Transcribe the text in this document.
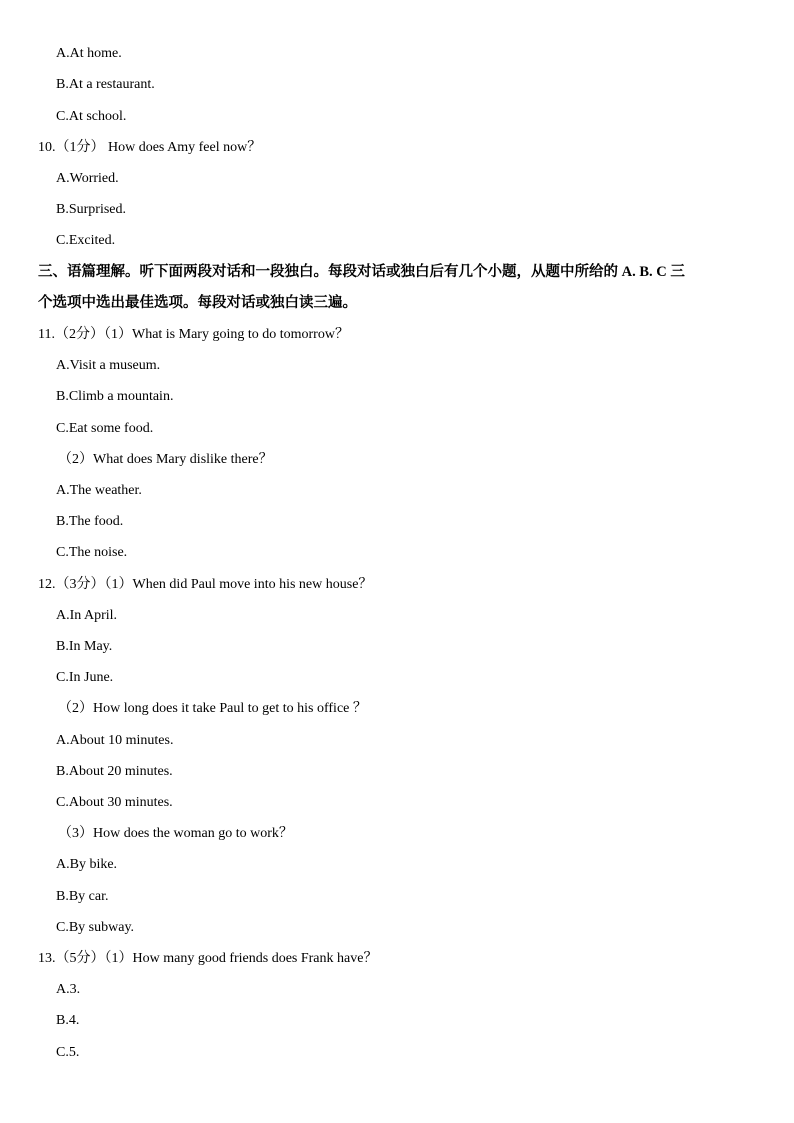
A.At home.
B.At a restaurant.
C.At school.
10.（1分） How does Amy feel now？
A.Worried.
B.Surprised.
C.Excited.
三、语篇理解。听下面两段对话和一段独白。每段对话或独白后有几个小题，从题中所给的 A. B. C 三
个选项中选出最佳选项。每段对话或独白读三遍。
11.（2分）（1）What is Mary going to do tomorrow？
A.Visit a museum.
B.Climb a mountain.
C.Eat some food.
（2）What does Mary dislike there？
A.The weather.
B.The food.
C.The noise.
12.（3分）（1）When did Paul move into his new house？
A.In April.
B.In May.
C.In June.
（2）How long does it take Paul to get to his office ？
A.About 10 minutes.
B.About 20 minutes.
C.About 30 minutes.
（3）How does the woman go to work？
A.By bike.
B.By car.
C.By subway.
13.（5分）（1）How many good friends does Frank have？
A.3.
B.4.
C.5.
